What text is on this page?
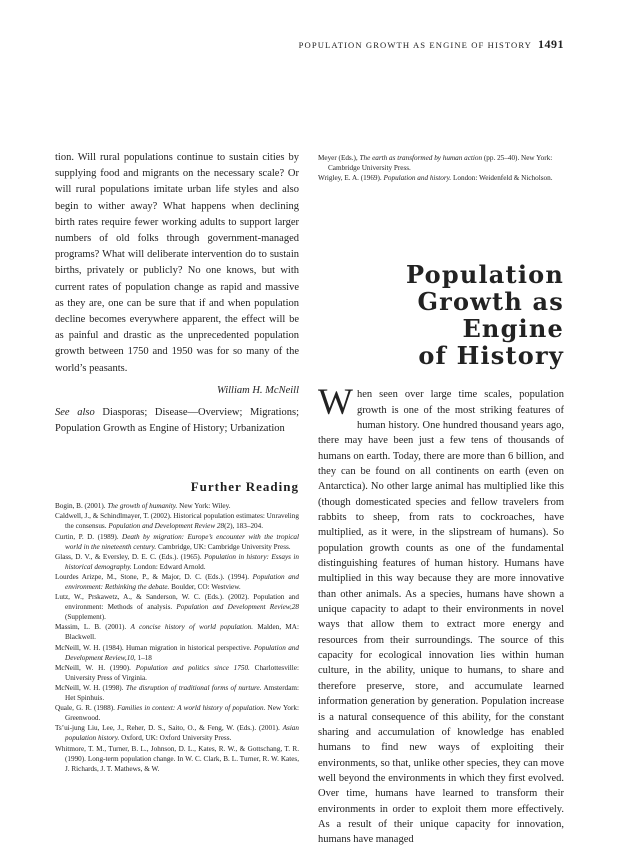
POPULATION GROWTH AS ENGINE OF HISTORY 1491

tion. Will rural populations continue to sustain cities by supplying food and migrants on the necessary scale? Or will rural populations imitate urban life styles and also begin to wither away? What happens when declining birth rates require fewer working adults to support larger numbers of old folks through government-managed programs? What will deliberate intervention do to sustain births, privately or publicly? No one knows, but with current rates of population change as rapid and massive as they are, one can be sure that if and when population decline becomes everywhere apparent, the effect will be as painful and drastic as the unprecedented population growth between 1750 and 1950 was for so many of the world’s peasants.

William H. McNeill

See also Diasporas; Disease—Overview; Migrations; Population Growth as Engine of History; Urbanization

Further Reading

Bogin, B. (2001). The growth of humanity. New York: Wiley.

Caldwell, J., & Schindlmayer, T. (2002). Historical population estimates: Unraveling the consensus. Population and Development Review 28(2), 183–204.

Curtin, P. D. (1989). Death by migration: Europe’s encounter with the tropical world in the nineteenth century. Cambridge, UK: Cambridge University Press.

Glass, D. V., & Eversley, D. E. C. (Eds.). (1965). Population in history: Essays in historical demography. London: Edward Arnold.

Lourdes Arizpe, M., Stone, P., & Major, D. C. (Eds.). (1994). Population and environment: Rethinking the debate. Boulder, CO: Westview.

Lutz, W., Prskawetz, A., & Sanderson, W. C. (Eds.). (2002). Population and environment: Methods of analysis. Population and Development Review,28 (Supplement).

Massim, L. B. (2001). A concise history of world population. Malden, MA: Blackwell.

McNeill, W. H. (1984). Human migration in historical perspective. Population and Development Review,10, 1–18

McNeill, W. H. (1990). Population and politics since 1750. Charlottesville: University Press of Virginia.

McNeill, W. H. (1998). The disruption of traditional forms of nurture. Amsterdam: Het Spinhuis.

Quale, G. R. (1988). Families in context: A world history of population. New York: Greenwood.

Ts’ui-jung Liu, Lee, J., Reher, D. S., Saito, O., & Feng, W. (Eds.). (2001). Asian population history. Oxford, UK: Oxford University Press.

Whitmore, T. M., Turner, B. L., Johnson, D. L., Kates, R. W., & Gottschang, T. R. (1990). Long-term population change. In W. C. Clark, B. L. Turner, R. W. Kates, J. Richards, J. T. Mathews, & W.

Meyer (Eds.), The earth as transformed by human action (pp. 25–40). New York: Cambridge University Press.

Wrigley, E. A. (1969). Population and history. London: Weidenfeld & Nicholson.

Population
Growth as Engine
of History

When seen over large time scales, population growth is one of the most striking features of human history. One hundred thousand years ago, there may have been just a few tens of thousands of humans on earth. Today, there are more than 6 billion, and they can be found on all continents on earth (even on Antarctica). No other large animal has multiplied like this (though domesticated species and fellow travelers from rabbits to sheep, from rats to cockroaches, have multiplied, as it were, in the slipstream of humans). So population growth counts as one of the fundamental distinguishing features of human history. Humans have multiplied in this way because they are more innovative than other animals. As a species, humans have shown a unique capacity to adapt to their environments in novel ways that allow them to extract more energy and resources from their surroundings. The source of this capacity for ecological innovation lies within human culture, in the ability, unique to humans, to share and therefore preserve, store, and accumulate learned information generation by generation. Population increase is a natural consequence of this ability, for the constant sharing and accumulation of knowledge has enabled humans to find new ways of exploiting their environments, so that, unlike other species, they can move well beyond the environments in which they first evolved. Over time, humans have learned to transform their environments in order to exploit them more effectively. As a result of their unique capacity for innovation, humans have managed
